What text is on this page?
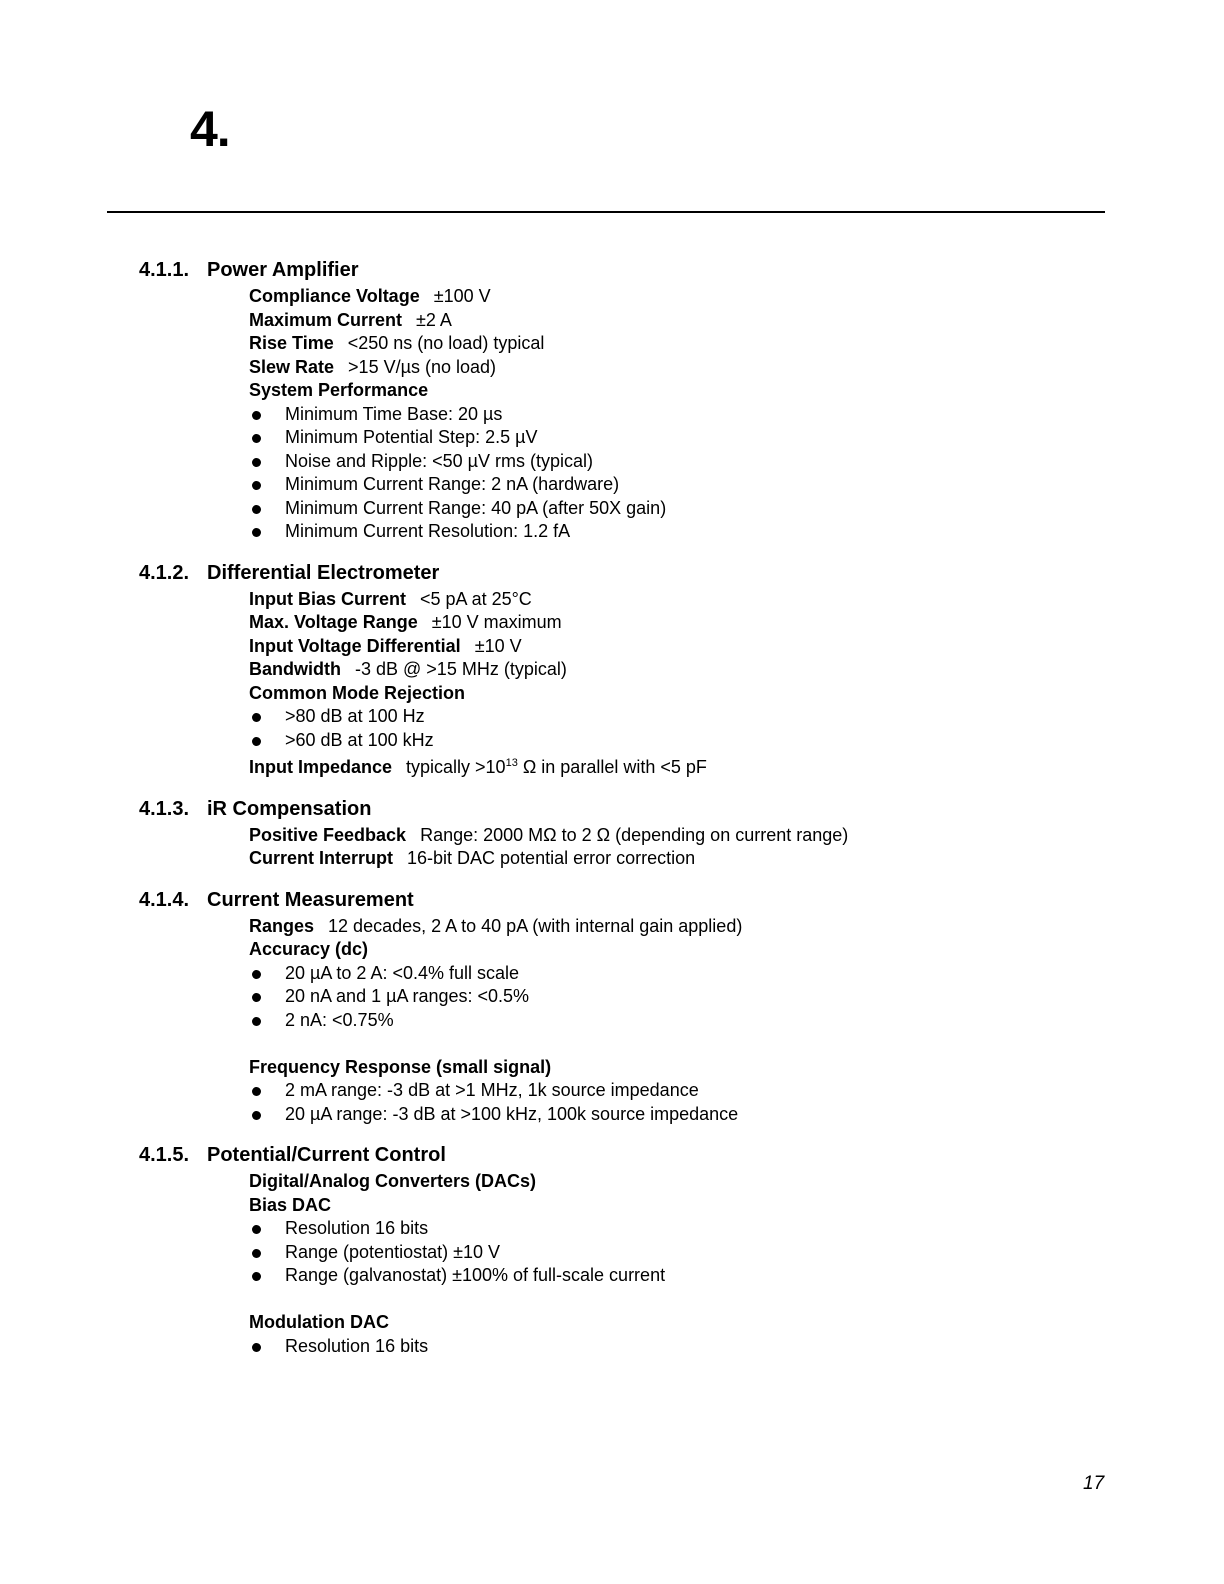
4.
4.1.1. Power Amplifier
Compliance Voltage ±100 V
Maximum Current ±2 A
Rise Time <250 ns (no load) typical
Slew Rate >15 V/µs (no load)
System Performance
Minimum Time Base: 20 µs
Minimum Potential Step: 2.5 µV
Noise and Ripple: <50 µV rms (typical)
Minimum Current Range: 2 nA (hardware)
Minimum Current Range: 40 pA (after 50X gain)
Minimum Current Resolution: 1.2 fA
4.1.2. Differential Electrometer
Input Bias Current <5 pA at 25°C
Max. Voltage Range ±10 V maximum
Input Voltage Differential ±10 V
Bandwidth -3 dB @ >15 MHz (typical)
Common Mode Rejection
>80 dB at 100 Hz
>60 dB at 100 kHz
Input Impedance typically $>10^{13}$ Ω in parallel with <5 pF
4.1.3. iR Compensation
Positive Feedback Range: 2000 MΩ to 2 Ω (depending on current range)
Current Interrupt 16-bit DAC potential error correction
4.1.4. Current Measurement
Ranges 12 decades, 2 A to 40 pA (with internal gain applied)
Accuracy (dc)
20 µA to 2 A: <0.4% full scale
20 nA and 1 µA ranges: <0.5%
2 nA: <0.75%
Frequency Response (small signal)
2 mA range: -3 dB at >1 MHz, 1k source impedance
20 µA range: -3 dB at >100 kHz, 100k source impedance
4.1.5. Potential/Current Control
Digital/Analog Converters (DACs)
Bias DAC
Resolution 16 bits
Range (potentiostat) ±10 V
Range (galvanostat) ±100% of full-scale current
Modulation DAC
Resolution 16 bits
17
